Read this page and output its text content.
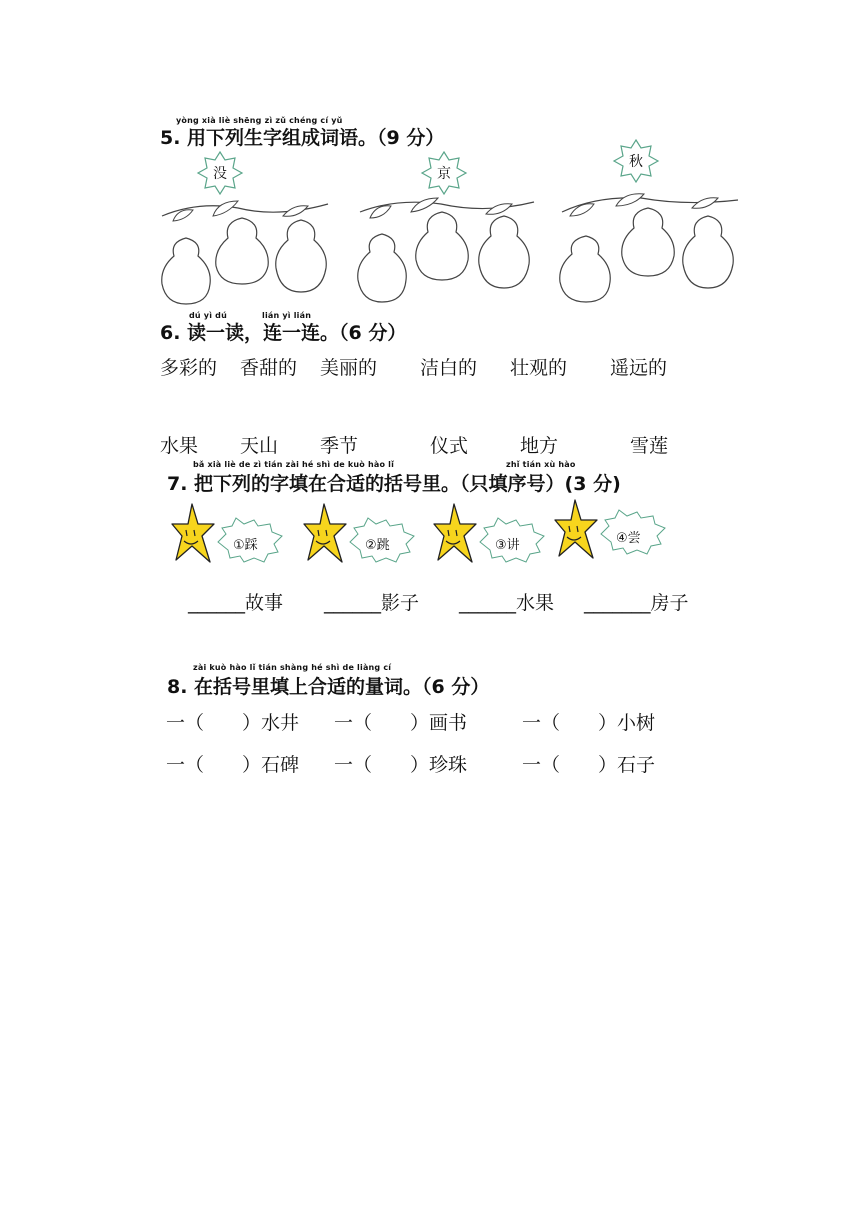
yòng xià liè shēng zì zǔ chéng cí yǔ
5. 用下列生字组成词语。（9 分）
没	京
秋
dú yì dú	lián yì lián
6. 读一读，连一连。（6 分）
多彩的 香甜的 美丽的 洁白的 壮观的 遥远的
水果 天山 季节	仪式	地方	雪莲
bǎ xià liè de zì tián zài hé shì de kuò hào lǐ	zhǐ tián xù hào
7. 把下列的字填在合适的括号里。（只填序号）(3 分)
①踩	②跳	③讲	④尝
______故事 ______影子 ______水果 _______房子
zài kuò hào lǐ tián shàng hé shì de liàng cí
8. 在括号里填上合适的量词。（6 分）
一（　　）水井 一（　　）画书	一（　　）小树
一（　　）石碑 一（　　）珍珠	一（　　）石子
